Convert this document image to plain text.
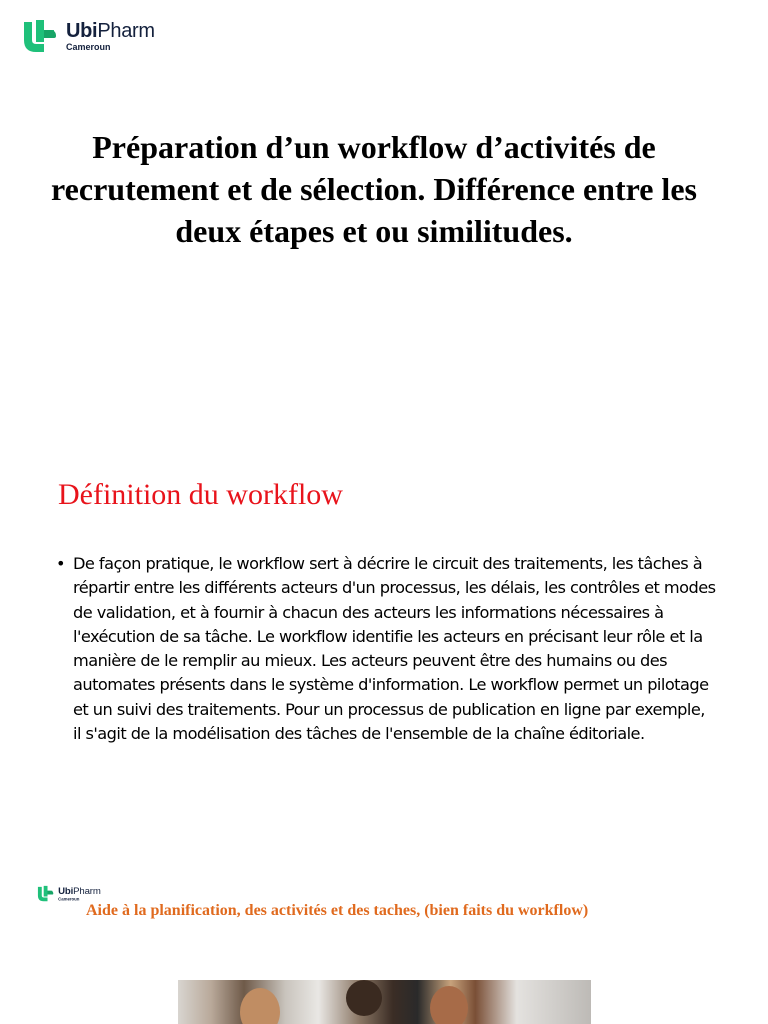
UbiPharm
Cameroun
Préparation d’un workflow d’activités de recrutement et de sélection. Différence entre les deux étapes et ou similitudes.
Définition du workflow
• De façon pratique, le workflow sert à décrire le circuit des traitements, les tâches à répartir entre les différents acteurs d'un processus, les délais, les contrôles et modes de validation, et à fournir à chacun des acteurs les informations nécessaires à l'exécution de sa tâche. Le workflow identifie les acteurs en précisant leur rôle et la manière de le remplir au mieux. Les acteurs peuvent être des humains ou des automates présents dans le système d'information. Le workflow permet un pilotage et un suivi des traitements. Pour un processus de publication en ligne par exemple, il s'agit de la modélisation des tâches de l'ensemble de la chaîne éditoriale.

Aide à la planification, des activités et des taches, (bien faits du workflow)

UbiPharm
Cameroun
